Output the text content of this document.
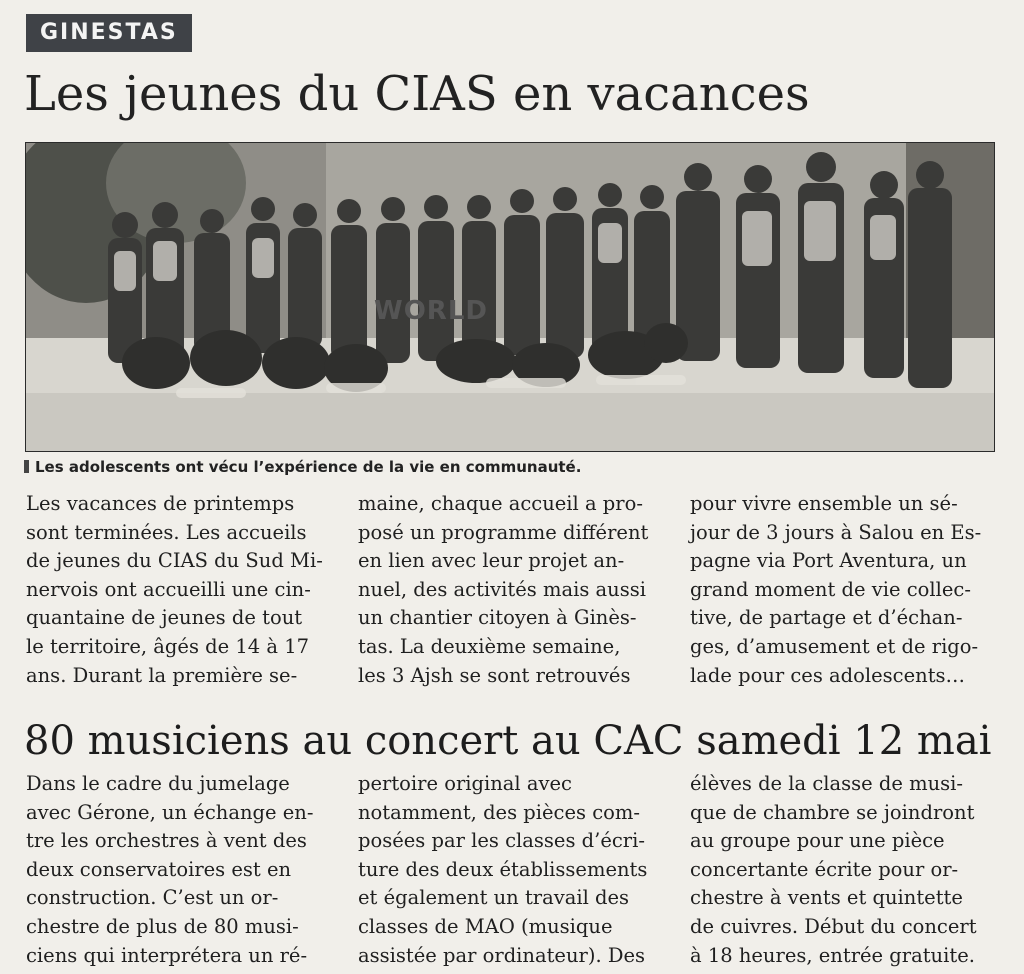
GINESTAS
Les jeunes du CIAS en vacances
WORLD
Les adolescents ont vécu l’expérience de la vie en communauté.
Les vacances de printemps
sont terminées. Les accueils
de jeunes du CIAS du Sud Mi-
nervois ont accueilli une cin-
quantaine de jeunes de tout
le territoire, âgés de 14 à 17
ans. Durant la première se-
maine, chaque accueil a pro-
posé un programme différent
en lien avec leur projet an-
nuel, des activités mais aussi
un chantier citoyen à Ginès-
tas. La deuxième semaine,
les 3 Ajsh se sont retrouvés
pour vivre ensemble un sé-
jour de 3 jours à Salou en Es-
pagne via Port Aventura, un
grand moment de vie collec-
tive, de partage et d’échan-
ges, d’amusement et de rigo-
lade pour ces adolescents…
80 musiciens au concert au CAC samedi 12 mai
Dans le cadre du jumelage
avec Gérone, un échange en-
tre les orchestres à vent des
deux conservatoires est en
construction. C’est un or-
chestre de plus de 80 musi-
ciens qui interprétera un ré-
pertoire original avec
notamment, des pièces com-
posées par les classes d’écri-
ture des deux établissements
et également un travail des
classes de MAO (musique
assistée par ordinateur). Des
élèves de la classe de musi-
que de chambre se joindront
au groupe pour une pièce
concertante écrite pour or-
chestre à vents et quintette
de cuivres. Début du concert
à 18 heures, entrée gratuite.
